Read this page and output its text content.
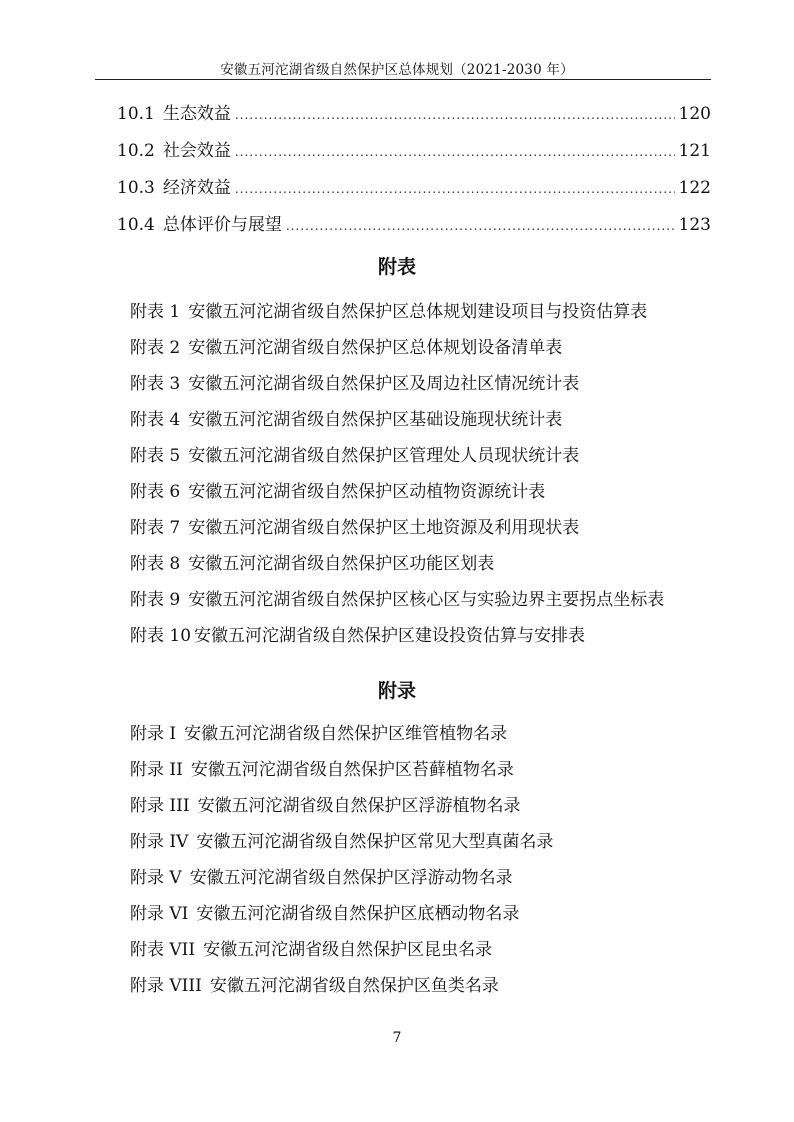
安徽五河沱湖省级自然保护区总体规划（2021-2030 年）
10.1 生态效益 .....	120
10.2 社会效益 .....	121
10.3 经济效益 .....	122
10.4 总体评价与展望 .....	123
附表
附表 1 安徽五河沱湖省级自然保护区总体规划建设项目与投资估算表
附表 2 安徽五河沱湖省级自然保护区总体规划设备清单表
附表 3 安徽五河沱湖省级自然保护区及周边社区情况统计表
附表 4 安徽五河沱湖省级自然保护区基础设施现状统计表
附表 5 安徽五河沱湖省级自然保护区管理处人员现状统计表
附表 6 安徽五河沱湖省级自然保护区动植物资源统计表
附表 7 安徽五河沱湖省级自然保护区土地资源及利用现状表
附表 8 安徽五河沱湖省级自然保护区功能区划表
附表 9 安徽五河沱湖省级自然保护区核心区与实验边界主要拐点坐标表
附表 10 安徽五河沱湖省级自然保护区建设投资估算与安排表
附录
附录 I 安徽五河沱湖省级自然保护区维管植物名录
附录 II 安徽五河沱湖省级自然保护区苔藓植物名录
附录 III 安徽五河沱湖省级自然保护区浮游植物名录
附录 IV 安徽五河沱湖省级自然保护区常见大型真菌名录
附录 V 安徽五河沱湖省级自然保护区浮游动物名录
附录 VI 安徽五河沱湖省级自然保护区底栖动物名录
附表 VII 安徽五河沱湖省级自然保护区昆虫名录
附录 VIII 安徽五河沱湖省级自然保护区鱼类名录
7
